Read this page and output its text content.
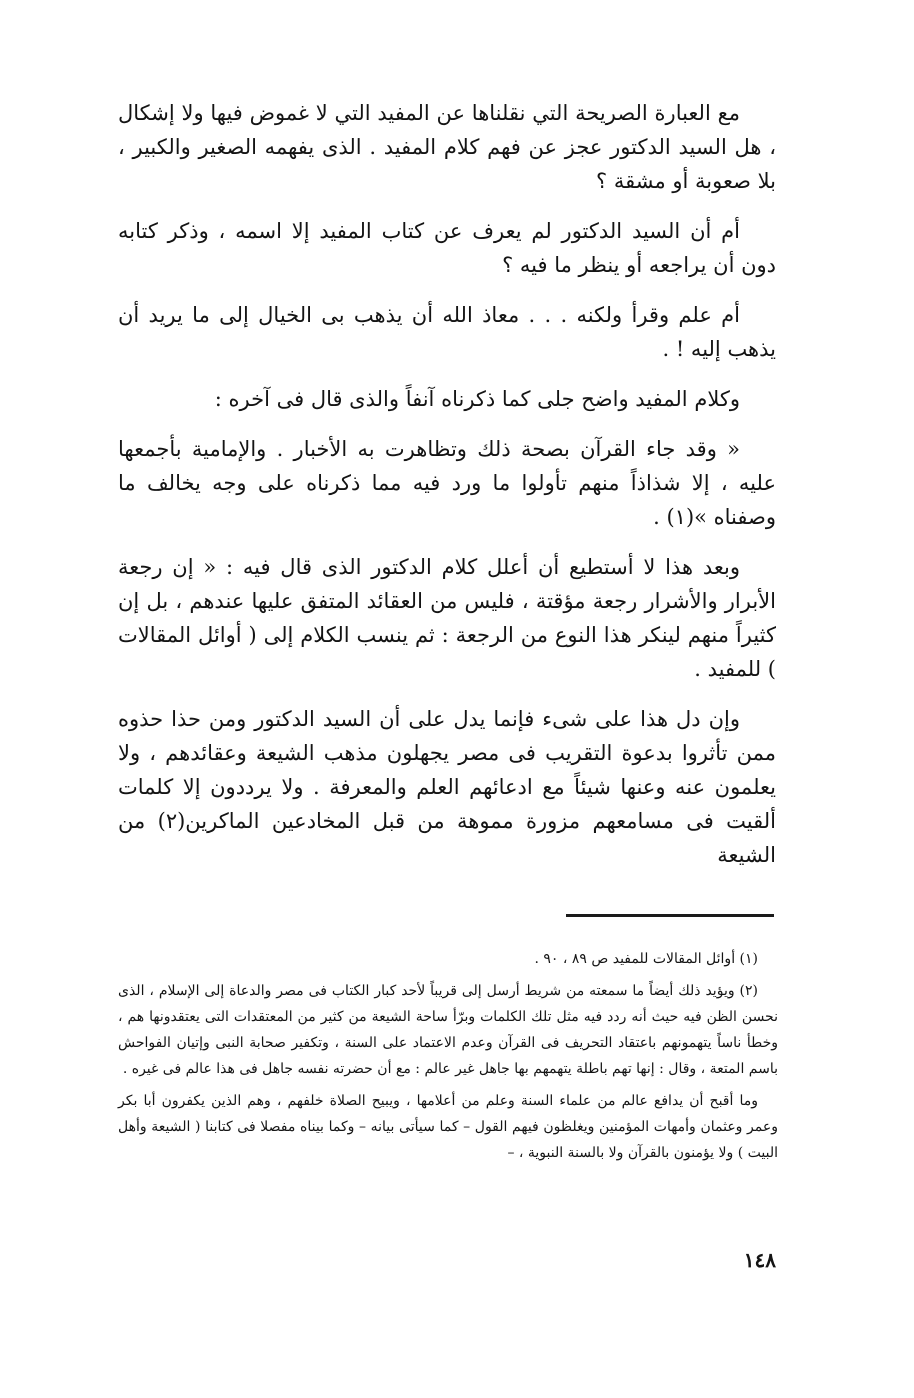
مع العبارة الصريحة التي نقلناها عن المفيد التي لا غموض فيها ولا إشكال ، هل السيد الدكتور عجز عن فهم كلام المفيد . الذى يفهمه الصغير والكبير ، بلا صعوبة أو مشقة ؟

أم أن السيد الدكتور لم يعرف عن كتاب المفيد إلا اسمه ، وذكر كتابه دون أن يراجعه أو ينظر ما فيه ؟

أم علم وقرأ ولكنه . . . معاذ الله أن يذهب بى الخيال إلى ما يريد أن يذهب إليه ! .

وكلام المفيد واضح جلى كما ذكرناه آنفاً والذى قال فى آخره :

« وقد جاء القرآن بصحة ذلك وتظاهرت به الأخبار . والإمامية بأجمعها عليه ، إلا شذاذاً منهم تأولوا ما ورد فيه مما ذكرناه على وجه يخالف ما وصفناه »(١) .

وبعد هذا لا أستطيع أن أعلل كلام الدكتور الذى قال فيه : « إن رجعة الأبرار والأشرار رجعة مؤقتة ، فليس من العقائد المتفق عليها عندهم ، بل إن كثيراً منهم لينكر هذا النوع من الرجعة : ثم ينسب الكلام إلى ( أوائل المقالات ) للمفيد .

وإن دل هذا على شىء فإنما يدل على أن السيد الدكتور ومن حذا حذوه ممن تأثروا بدعوة التقريب فى مصر يجهلون مذهب الشيعة وعقائدهم ، ولا يعلمون عنه وعنها شيئاً مع ادعائهم العلم والمعرفة . ولا يرددون إلا كلمات ألقيت فى مسامعهم مزورة مموهة من قبل المخادعين الماكرين(٢) من الشيعة

(١) أوائل المقالات للمفيد ص ٨٩ ، ٩٠ .

(٢) ويؤيد ذلك أيضاً ما سمعته من شريط أرسل إلى قريباً لأحد كبار الكتاب فى مصر والدعاة إلى الإسلام ، الذى نحسن الظن فيه حيث أنه ردد فيه مثل تلك الكلمات وبرّأ ساحة الشيعة من كثير من المعتقدات التى يعتقدونها هم ، وخطأ ناساً يتهمونهم باعتقاد التحريف فى القرآن وعدم الاعتماد على السنة ، وتكفير صحابة النبى وإتيان الفواحش باسم المتعة ، وقال : إنها تهم باطلة يتهمهم بها جاهل غير عالم : مع أن حضرته نفسه جاهل فى هذا عالم فى غيره .

وما أقبح أن يدافع عالم من علماء السنة وعلم من أعلامها ، ويبيح الصلاة خلفهم ، وهم الذين يكفرون أبا بكر وعمر وعثمان وأمهات المؤمنين ويغلظون فيهم القول – كما سيأتى بيانه – وكما بيناه مفصلا فى كتابنا ( الشيعة وأهل البيت ) ولا يؤمنون بالقرآن ولا بالسنة النبوية ، –

١٤٨
